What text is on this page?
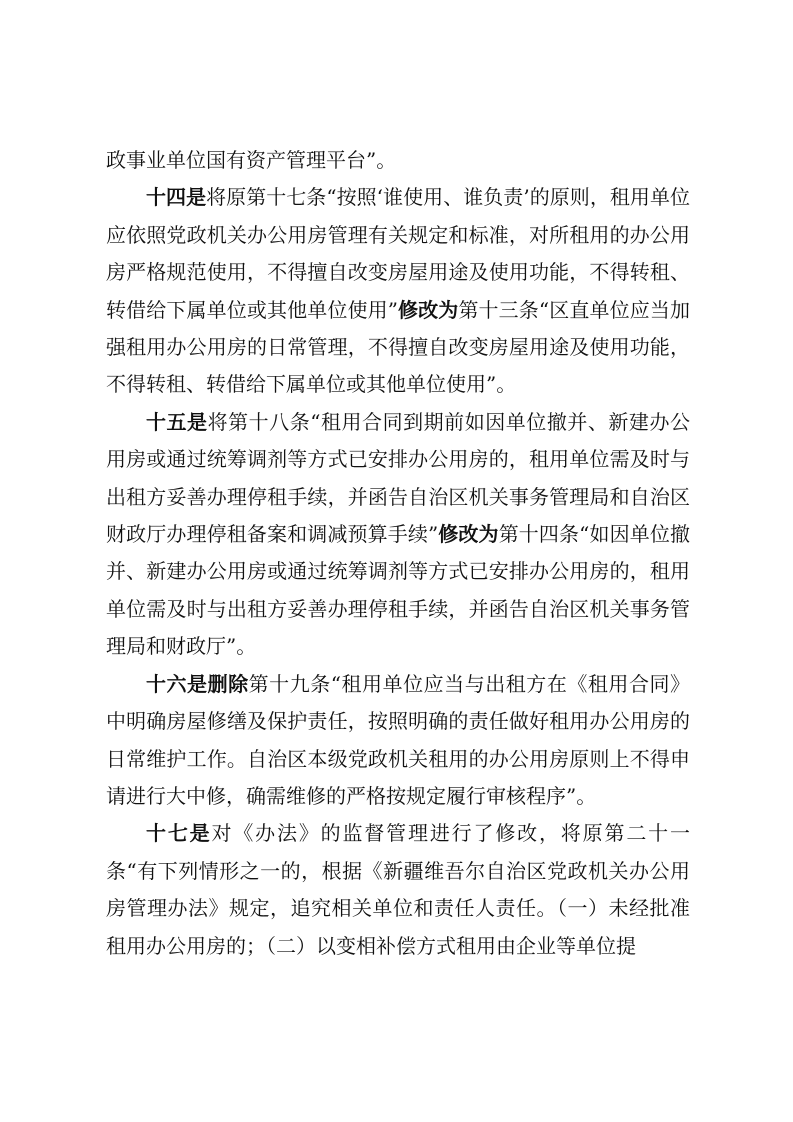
政事业单位国有资产管理平台”。

十四是将原第十七条“按照‘谁使用、谁负责’的原则，租用单位应依照党政机关办公用房管理有关规定和标准，对所租用的办公用房严格规范使用，不得擅自改变房屋用途及使用功能，不得转租、转借给下属单位或其他单位使用”修改为第十三条“区直单位应当加强租用办公用房的日常管理，不得擅自改变房屋用途及使用功能，不得转租、转借给下属单位或其他单位使用”。

十五是将第十八条“租用合同到期前如因单位撤并、新建办公用房或通过统筹调剂等方式已安排办公用房的，租用单位需及时与出租方妥善办理停租手续，并函告自治区机关事务管理局和自治区财政厅办理停租备案和调减预算手续”修改为第十四条“如因单位撤并、新建办公用房或通过统筹调剂等方式已安排办公用房的，租用单位需及时与出租方妥善办理停租手续，并函告自治区机关事务管理局和财政厅”。

十六是删除第十九条“租用单位应当与出租方在《租用合同》中明确房屋修缮及保护责任，按照明确的责任做好租用办公用房的日常维护工作。自治区本级党政机关租用的办公用房原则上不得申请进行大中修，确需维修的严格按规定履行审核程序”。

十七是对《办法》的监督管理进行了修改，将原第二十一条“有下列情形之一的，根据《新疆维吾尔自治区党政机关办公用房管理办法》规定，追究相关单位和责任人责任。（一）未经批准租用办公用房的；（二）以变相补偿方式租用由企业等单位提
